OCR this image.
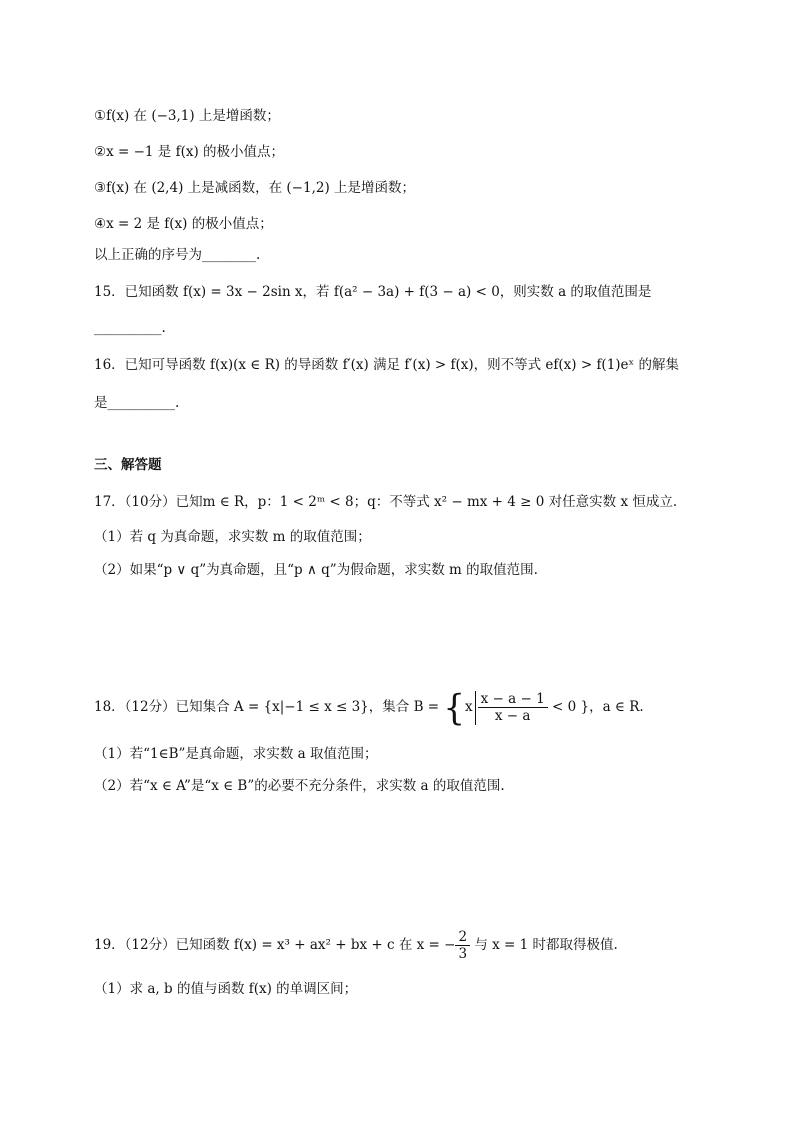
①f(x) 在 (−3,1) 上是增函数；
②x = −1 是 f(x) 的极小值点；
③f(x) 在 (2,4) 上是减函数，在 (−1,2) 上是增函数；
④x = 2 是 f(x) 的极小值点；
以上正确的序号为________.
15．已知函数 f(x) = 3x − 2sin x，若 f(a² − 3a) + f(3 − a) < 0，则实数 a 的取值范围是
__________.
16．已知可导函数 f(x)(x ∈ R) 的导函数 f′(x) 满足 f′(x) > f(x)，则不等式 ef(x) > f(1)eˣ 的解集
是__________.
三、解答题
17．（10分）已知m ∈ R，p：1 < 2ᵐ < 8；q：不等式 x² − mx + 4 ≥ 0 对任意实数 x 恒成立.
（1）若 q 为真命题，求实数 m 的取值范围；
（2）如果“p ∨ q”为真命题，且“p ∧ q”为假命题，求实数 m 的取值范围.
18．（12分）已知集合 A = {x|−1 ≤ x ≤ 3}，集合 $B = \{x \frac{x - a - 1}{x - a} < 0$ }，a ∈ R.
（1）若“1∈B”是真命题，求实数 a 取值范围；
（2）若“x ∈ A”是“x ∈ B”的必要不充分条件，求实数 a 的取值范围.
19．（12分）已知函数 f(x) = x³ + ax² + bx + c 在 x = − $\frac{2}{3}$ 与 x = 1 时都取得极值.
（1）求 a, b 的值与函数 f(x) 的单调区间；
